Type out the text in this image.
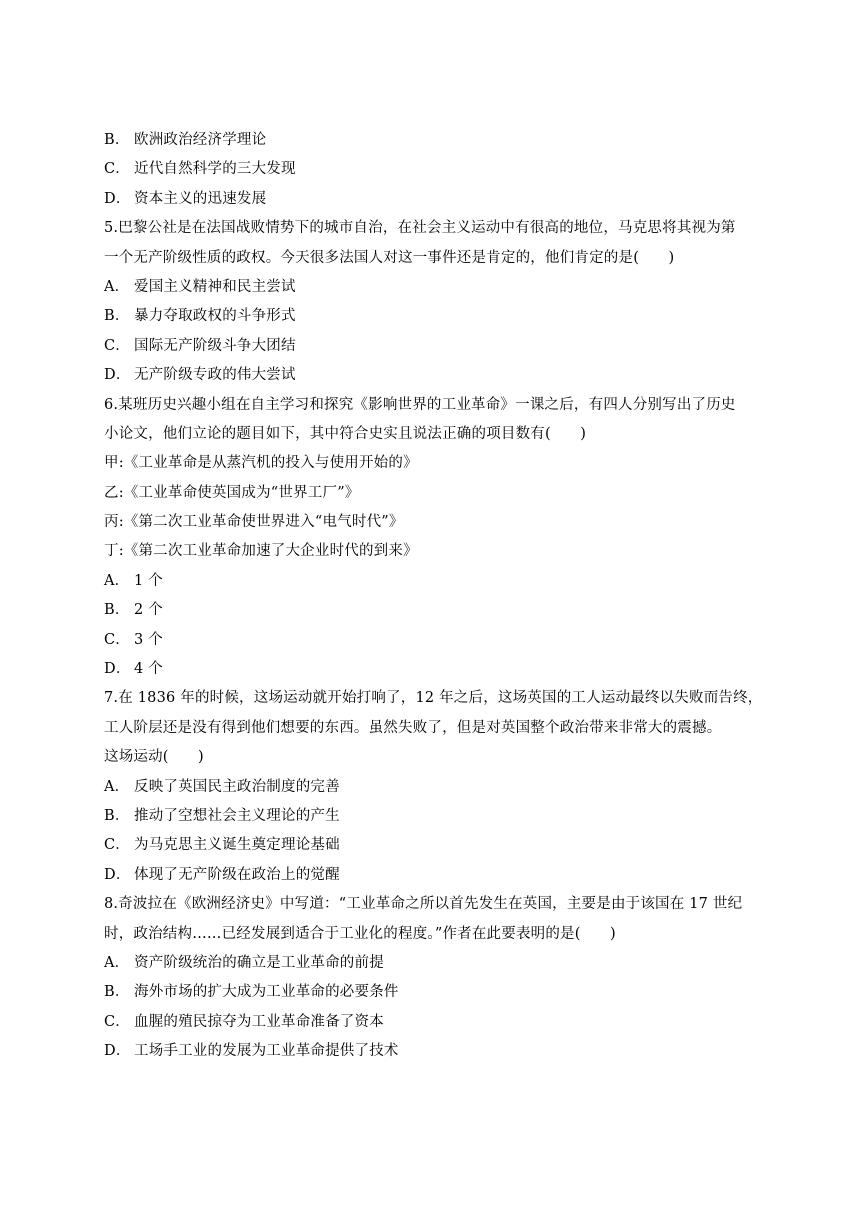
B． 欧洲政治经济学理论
C． 近代自然科学的三大发现
D． 资本主义的迅速发展
5.巴黎公社是在法国战败情势下的城市自治，在社会主义运动中有很高的地位，马克思将其视为第
一个无产阶级性质的政权。今天很多法国人对这一事件还是肯定的，他们肯定的是(　　)
A． 爱国主义精神和民主尝试
B． 暴力夺取政权的斗争形式
C． 国际无产阶级斗争大团结
D． 无产阶级专政的伟大尝试
6.某班历史兴趣小组在自主学习和探究《影响世界的工业革命》一课之后，有四人分别写出了历史
小论文，他们立论的题目如下，其中符合史实且说法正确的项目数有(　　)
甲:《工业革命是从蒸汽机的投入与使用开始的》
乙:《工业革命使英国成为“世界工厂”》
丙:《第二次工业革命使世界进入“电气时代”》
丁:《第二次工业革命加速了大企业时代的到来》
A． 1 个
B． 2 个
C． 3 个
D． 4 个
7.在 1836 年的时候，这场运动就开始打响了，12 年之后，这场英国的工人运动最终以失败而告终，
工人阶层还是没有得到他们想要的东西。虽然失败了，但是对英国整个政治带来非常大的震撼。
这场运动(　　)
A． 反映了英国民主政治制度的完善
B． 推动了空想社会主义理论的产生
C． 为马克思主义诞生奠定理论基础
D． 体现了无产阶级在政治上的觉醒
8.奇波拉在《欧洲经济史》中写道：“工业革命之所以首先发生在英国，主要是由于该国在 17 世纪
时，政治结构……已经发展到适合于工业化的程度。”作者在此要表明的是(　　)
A． 资产阶级统治的确立是工业革命的前提
B． 海外市场的扩大成为工业革命的必要条件
C． 血腥的殖民掠夺为工业革命准备了资本
D． 工场手工业的发展为工业革命提供了技术
